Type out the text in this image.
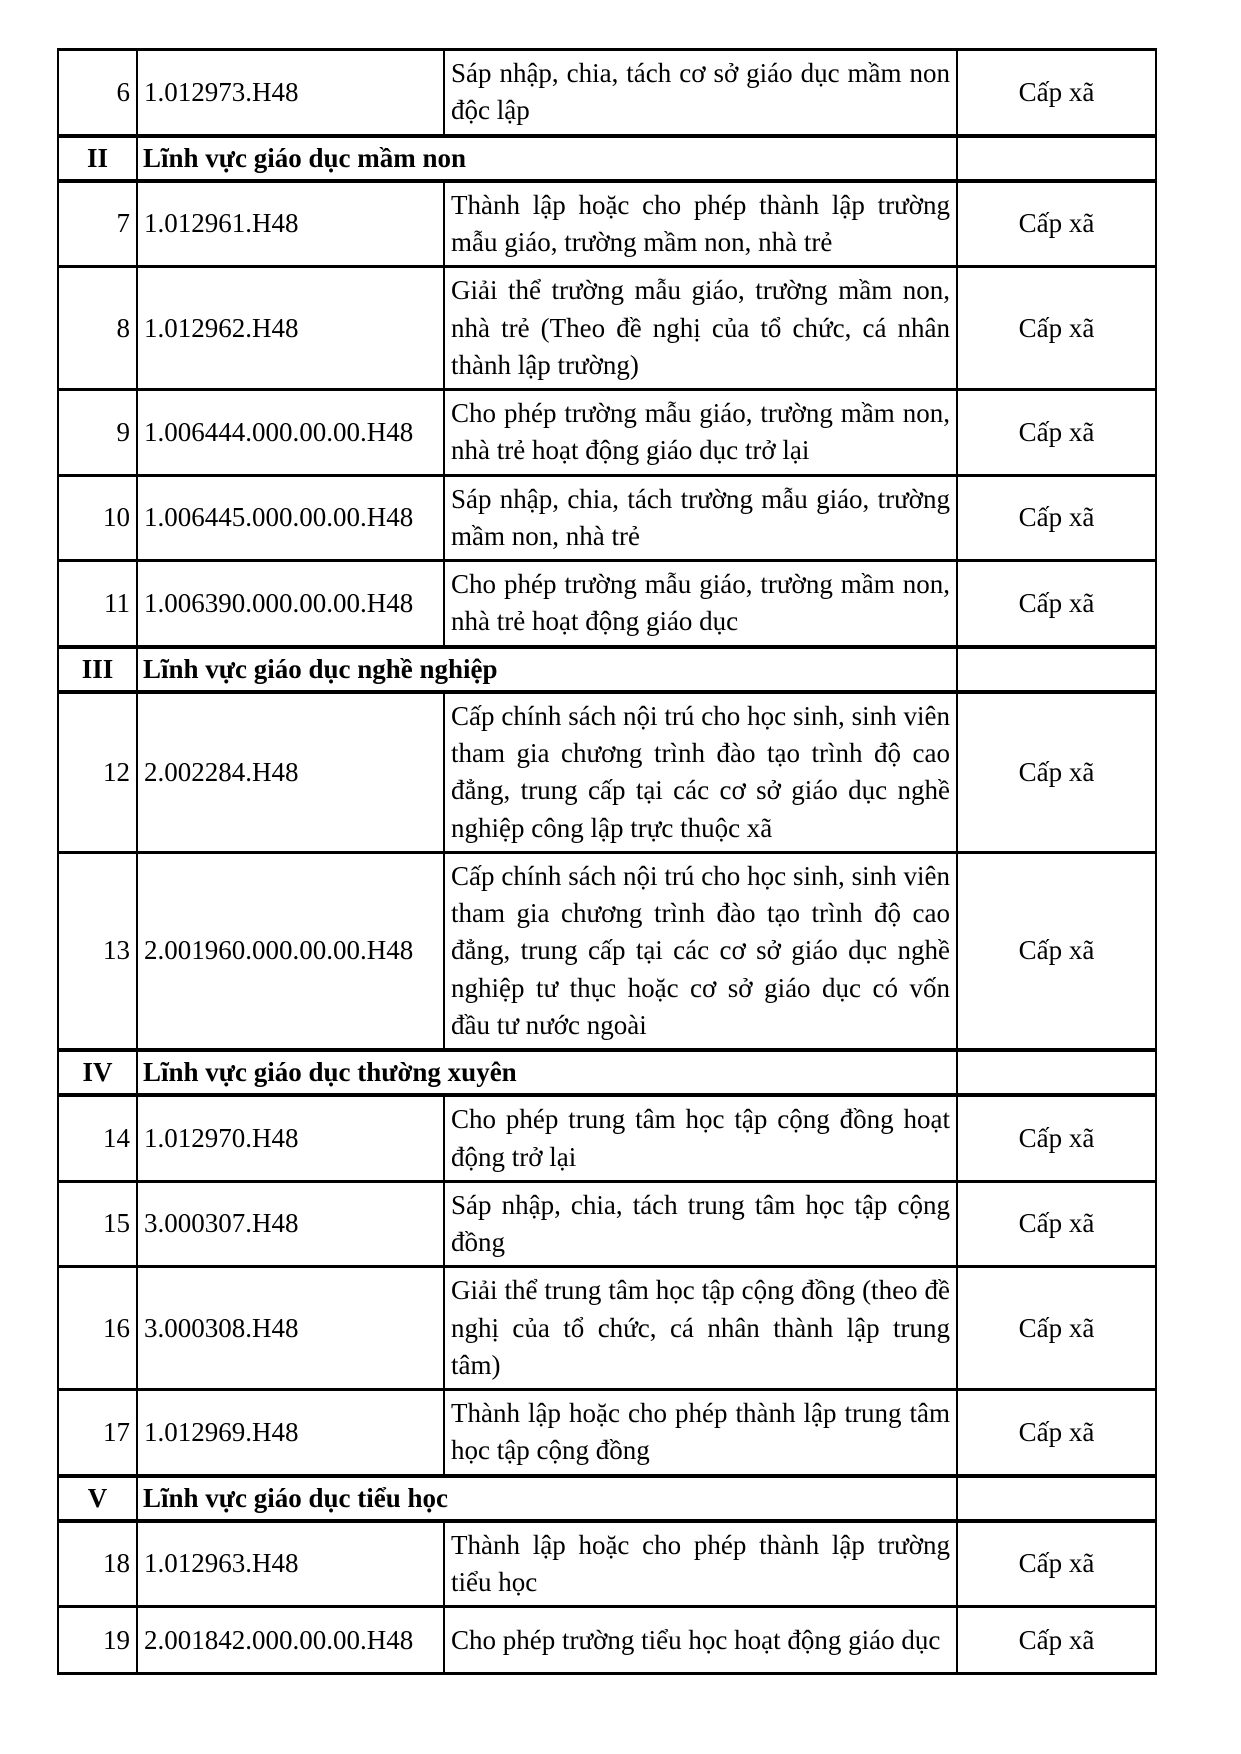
6	1.012973.H48	Sáp nhập, chia, tách cơ sở giáo dục mầm non độc lập	Cấp xã
II	Lĩnh vực giáo dục mầm non		
7	1.012961.H48	Thành lập hoặc cho phép thành lập trường mẫu giáo, trường mầm non, nhà trẻ	Cấp xã
8	1.012962.H48	Giải thể trường mẫu giáo, trường mầm non, nhà trẻ (Theo đề nghị của tổ chức, cá nhân thành lập trường)	Cấp xã
9	1.006444.000.00.00.H48	Cho phép trường mẫu giáo, trường mầm non, nhà trẻ hoạt động giáo dục trở lại	Cấp xã
10	1.006445.000.00.00.H48	Sáp nhập, chia, tách trường mẫu giáo, trường mầm non, nhà trẻ	Cấp xã
11	1.006390.000.00.00.H48	Cho phép trường mẫu giáo, trường mầm non, nhà trẻ hoạt động giáo dục	Cấp xã
III	Lĩnh vực giáo dục nghề nghiệp		
12	2.002284.H48	Cấp chính sách nội trú cho học sinh, sinh viên tham gia chương trình đào tạo trình độ cao đẳng, trung cấp tại các cơ sở giáo dục nghề nghiệp công lập trực thuộc xã	Cấp xã
13	2.001960.000.00.00.H48	Cấp chính sách nội trú cho học sinh, sinh viên tham gia chương trình đào tạo trình độ cao đẳng, trung cấp tại các cơ sở giáo dục nghề nghiệp tư thục hoặc cơ sở giáo dục có vốn đầu tư nước ngoài	Cấp xã
IV	Lĩnh vực giáo dục thường xuyên		
14	1.012970.H48	Cho phép trung tâm học tập cộng đồng hoạt động trở lại	Cấp xã
15	3.000307.H48	Sáp nhập, chia, tách trung tâm học tập cộng đồng	Cấp xã
16	3.000308.H48	Giải thể trung tâm học tập cộng đồng (theo đề nghị của tổ chức, cá nhân thành lập trung tâm)	Cấp xã
17	1.012969.H48	Thành lập hoặc cho phép thành lập trung tâm học tập cộng đồng	Cấp xã
V	Lĩnh vực giáo dục tiểu học		
18	1.012963.H48	Thành lập hoặc cho phép thành lập trường tiểu học	Cấp xã
19	2.001842.000.00.00.H48	Cho phép trường tiểu học hoạt động giáo dục	Cấp xã
